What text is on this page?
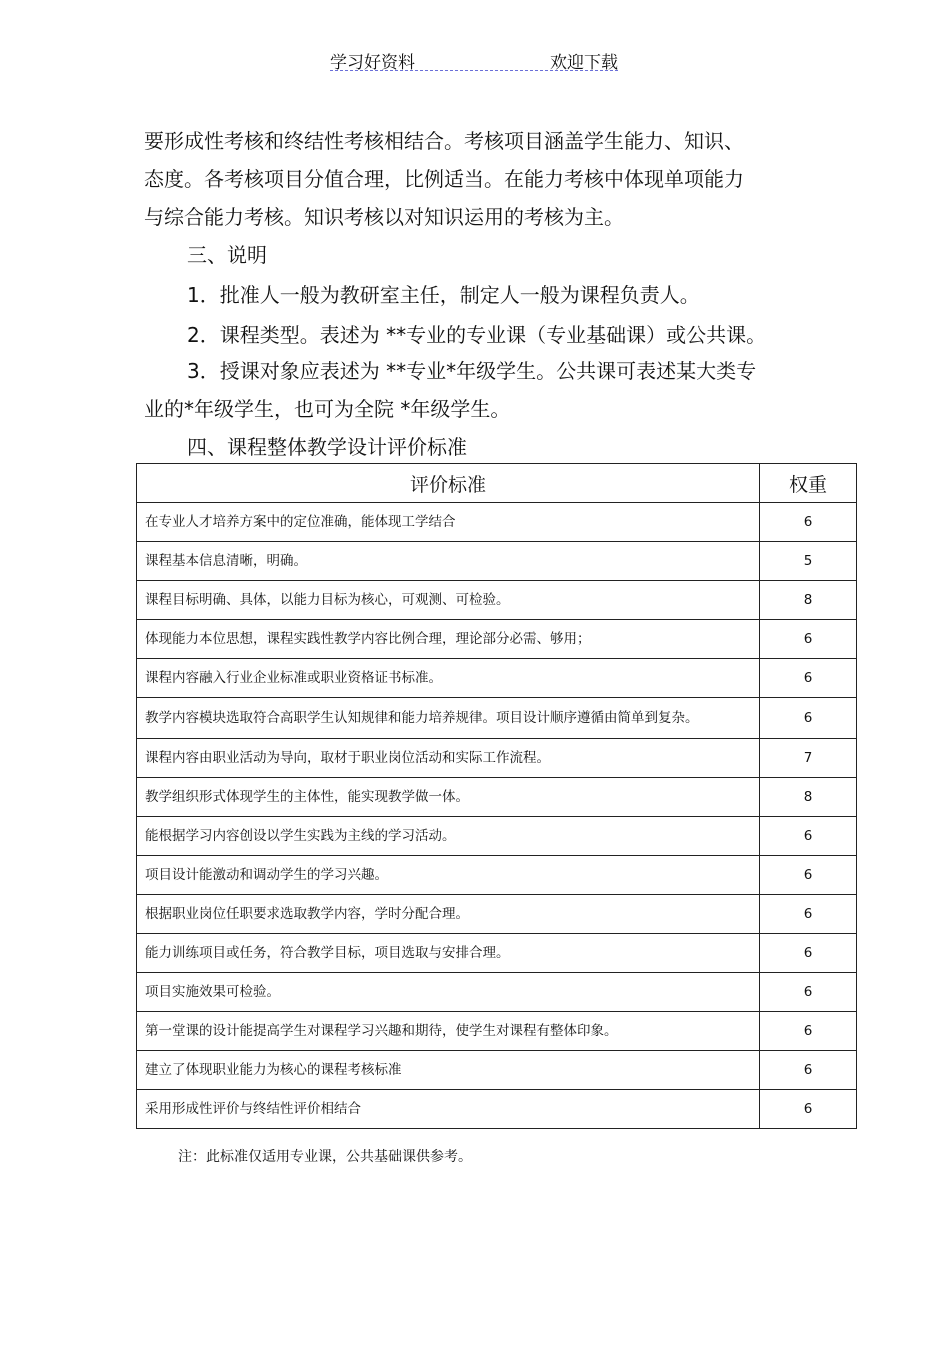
学习好资料	欢迎下载

要形成性考核和终结性考核相结合。考核项目涵盖学生能力、知识、

态度。各考核项目分值合理，比例适当。在能力考核中体现单项能力

与综合能力考核。知识考核以对知识运用的考核为主。

三、说明

1．批准人一般为教研室主任，制定人一般为课程负责人。

2．课程类型。表述为 **专业的专业课（专业基础课）或公共课。

3．授课对象应表述为 **专业*年级学生。公共课可表述某大类专

业的*年级学生，也可为全院 *年级学生。

四、课程整体教学设计评价标准

评价标准	权重
在专业人才培养方案中的定位准确，能体现工学结合	6
课程基本信息清晰，明确。	5
课程目标明确、具体，以能力目标为核心，可观测、可检验。	8
体现能力本位思想，课程实践性教学内容比例合理，理论部分必需、够用；	6
课程内容融入行业企业标准或职业资格证书标准。	6
教学内容模块选取符合高职学生认知规律和能力培养规律。项目设计顺序遵循由简单到复杂。	6
课程内容由职业活动为导向，取材于职业岗位活动和实际工作流程。	7
教学组织形式体现学生的主体性，能实现教学做一体。	8
能根据学习内容创设以学生实践为主线的学习活动。	6
项目设计能激动和调动学生的学习兴趣。	6
根据职业岗位任职要求选取教学内容，学时分配合理。	6
能力训练项目或任务，符合教学目标，项目选取与安排合理。	6
项目实施效果可检验。	6
第一堂课的设计能提高学生对课程学习兴趣和期待，使学生对课程有整体印象。	6
建立了体现职业能力为核心的课程考核标准	6
采用形成性评价与终结性评价相结合	6
注：此标准仅适用专业课，公共基础课供参考。
